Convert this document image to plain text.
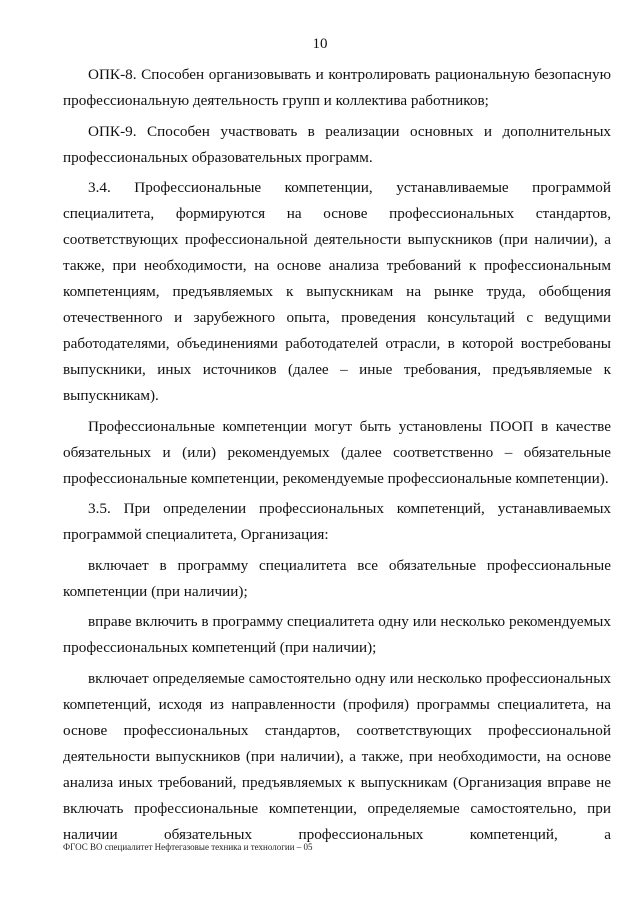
10

ОПК-8. Способен организовывать и контролировать рациональную безопасную профессиональную деятельность групп и коллектива работников;

ОПК-9. Способен участвовать в реализации основных и дополнительных профессиональных образовательных программ.

3.4. Профессиональные компетенции, устанавливаемые программой специалитета, формируются на основе профессиональных стандартов, соответствующих профессиональной деятельности выпускников (при наличии), а также, при необходимости, на основе анализа требований к профессиональным компетенциям, предъявляемых к выпускникам на рынке труда, обобщения отечественного и зарубежного опыта, проведения консультаций с ведущими работодателями, объединениями работодателей отрасли, в которой востребованы выпускники, иных источников (далее – иные требования, предъявляемые к выпускникам).

Профессиональные компетенции могут быть установлены ПООП в качестве обязательных и (или) рекомендуемых (далее соответственно – обязательные профессиональные компетенции, рекомендуемые профессиональные компетенции).

3.5. При определении профессиональных компетенций, устанавливаемых программой специалитета, Организация:

включает в программу специалитета все обязательные профессиональные компетенции (при наличии);

вправе включить в программу специалитета одну или несколько рекомендуемых профессиональных компетенций (при наличии);

включает определяемые самостоятельно одну или несколько профессиональных компетенций, исходя из направленности (профиля) программы специалитета, на основе профессиональных стандартов, соответствующих профессиональной деятельности выпускников (при наличии), а также, при необходимости, на основе анализа иных требований, предъявляемых к выпускникам (Организация вправе не включать профессиональные компетенции, определяемые самостоятельно, при наличии обязательных профессиональных компетенций, а

ФГОС ВО специалитет Нефтегазовые техника и технологии – 05
